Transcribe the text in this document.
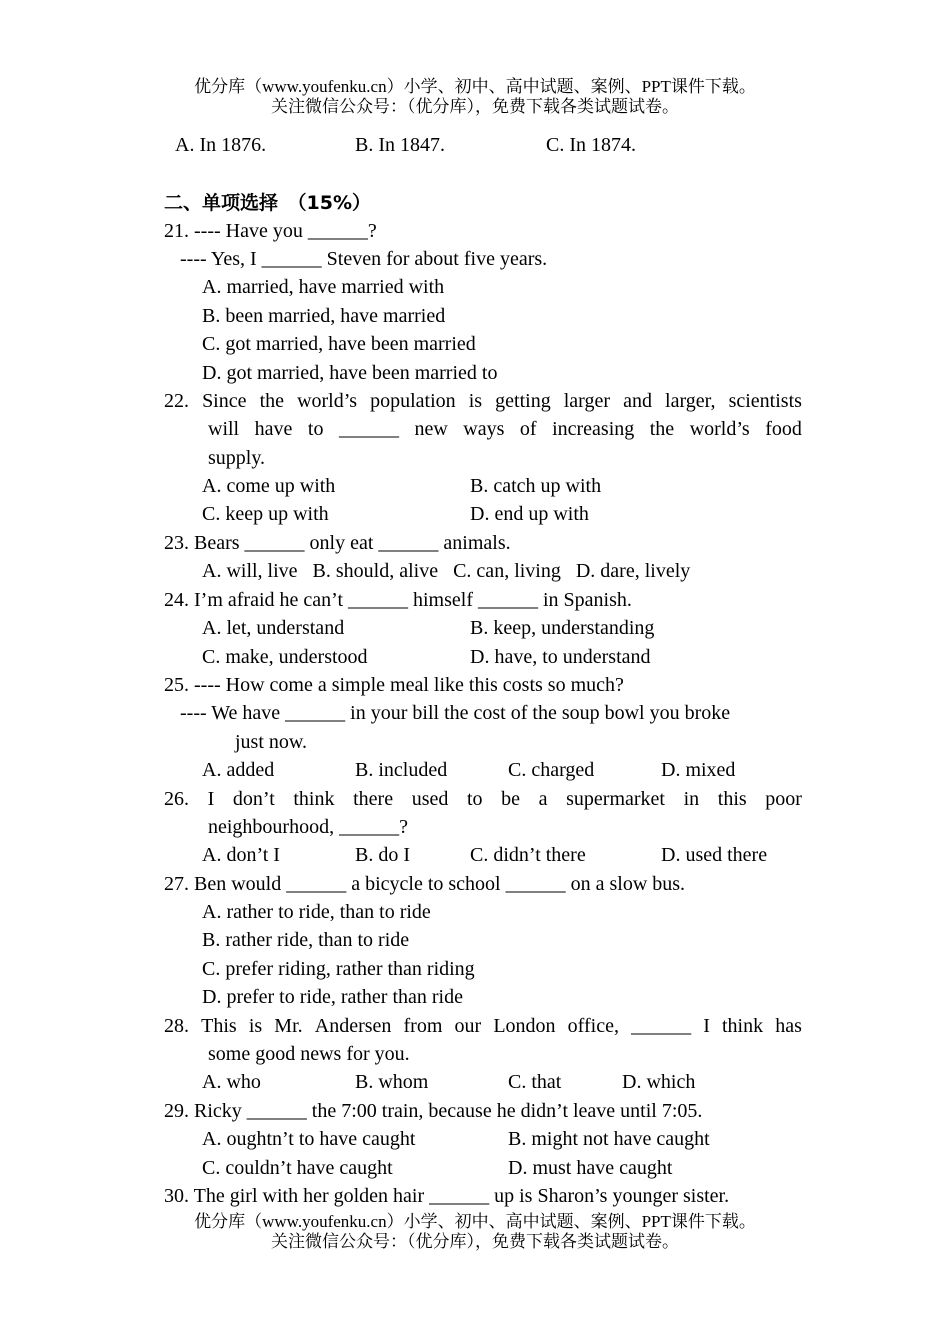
优分库（www.youfenku.cn）小学、初中、高中试题、案例、PPT课件下载。
关注微信公众号：（优分库），免费下载各类试题试卷。
A. In 1876.	B. In 1847.	C. In 1874.
二、单项选择　（15%）
21. ---- Have you ______?
---- Yes, I ______ Steven for about five years.
A. married, have married with
B. been married, have married
C. got married, have been married
D. got married, have been married to
22. Since the world’s population is getting larger and larger, scientists
will have to ______ new ways of increasing the world’s food
supply.
A. come up with	B. catch up with
C. keep up with	D. end up with
23. Bears ______ only eat ______ animals.
A. will, live   B. should, alive   C. can, living   D. dare, lively
24. I’m afraid he can’t ______ himself ______ in Spanish.
A. let, understand	B. keep, understanding
C. make, understood	D. have, to understand
25. ---- How come a simple meal like this costs so much?
---- We have ______ in your bill the cost of the soup bowl you broke
just now.
A. added	B. included	C. charged	D. mixed
26. I don’t think there used to be a supermarket in this poor
neighbourhood, ______?
A. don’t I	B. do I	C. didn’t there	D. used there
27. Ben would ______ a bicycle to school ______ on a slow bus.
A. rather to ride, than to ride
B. rather ride, than to ride
C. prefer riding, rather than riding
D. prefer to ride, rather than ride
28. This is Mr. Andersen from our London office, ______ I think has
some good news for you.
A. who	B. whom	C. that	D. which
29. Ricky ______ the 7:00 train, because he didn’t leave until 7:05.
A. oughtn’t to have caught	B. might not have caught
C. couldn’t have caught	D. must have caught
30. The girl with her golden hair ______ up is Sharon’s younger sister.
优分库（www.youfenku.cn）小学、初中、高中试题、案例、PPT课件下载。
关注微信公众号：（优分库），免费下载各类试题试卷。
